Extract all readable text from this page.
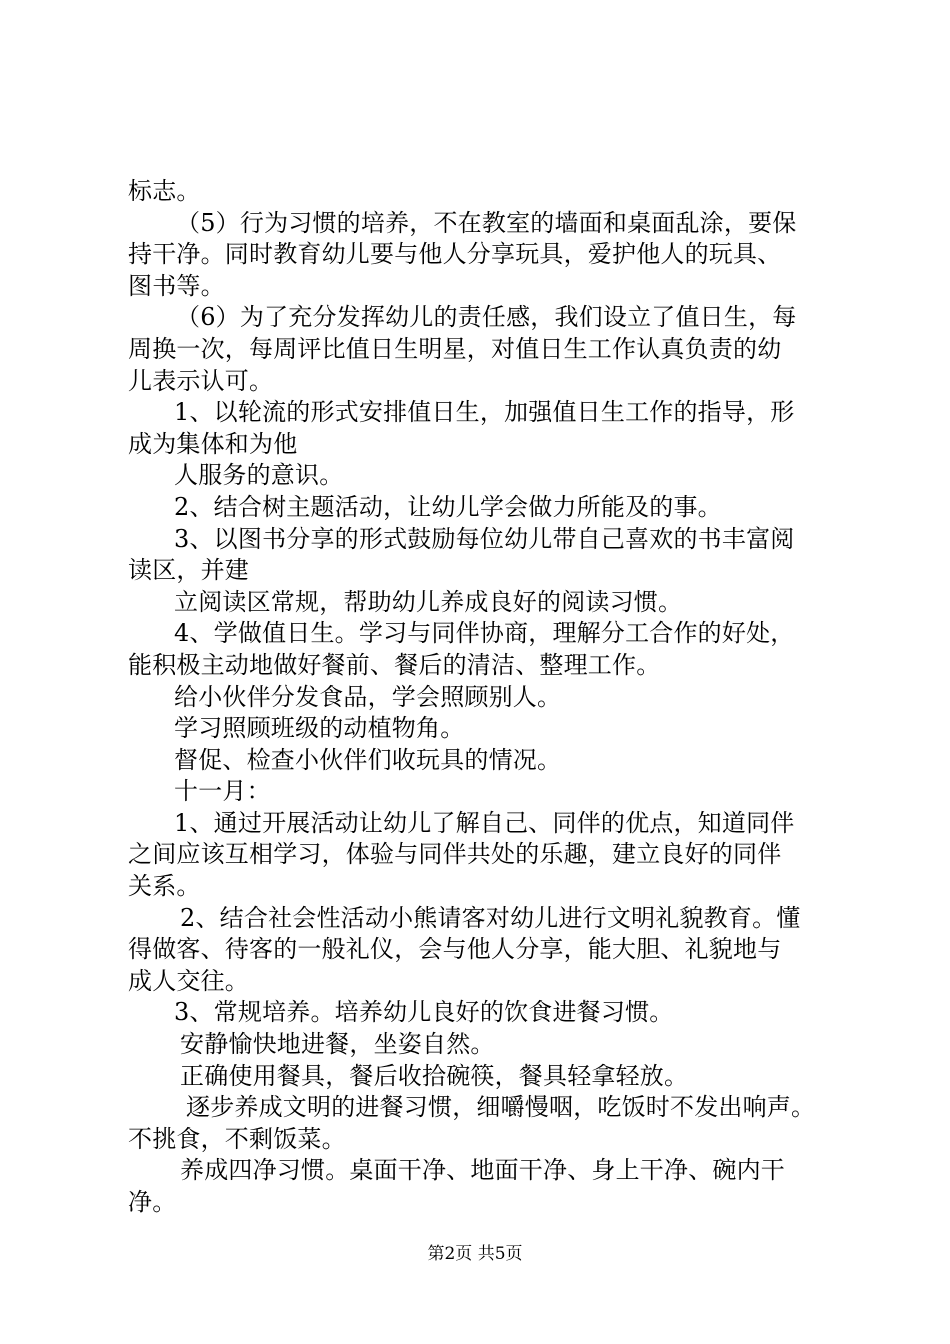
标志。
（5）行为习惯的培养，不在教室的墙面和桌面乱涂，要保
持干净。同时教育幼儿要与他人分享玩具，爱护他人的玩具、
图书等。
（6）为了充分发挥幼儿的责任感，我们设立了值日生，每
周换一次，每周评比值日生明星，对值日生工作认真负责的幼
儿表示认可。
1、以轮流的形式安排值日生，加强值日生工作的指导，形
成为集体和为他
人服务的意识。
2、结合树主题活动，让幼儿学会做力所能及的事。
3、以图书分享的形式鼓励每位幼儿带自己喜欢的书丰富阅
读区，并建
立阅读区常规，帮助幼儿养成良好的阅读习惯。
4、学做值日生。学习与同伴协商，理解分工合作的好处，
能积极主动地做好餐前、餐后的清洁、整理工作。
给小伙伴分发食品，学会照顾别人。
学习照顾班级的动植物角。
督促、检查小伙伴们收玩具的情况。
十一月：
1、通过开展活动让幼儿了解自己、同伴的优点，知道同伴
之间应该互相学习，体验与同伴共处的乐趣，建立良好的同伴
关系。
2、结合社会性活动小熊请客对幼儿进行文明礼貌教育。懂
得做客、待客的一般礼仪，会与他人分享，能大胆、礼貌地与
成人交往。
3、常规培养。培养幼儿良好的饮食进餐习惯。
安静愉快地进餐，坐姿自然。
正确使用餐具，餐后收拾碗筷，餐具轻拿轻放。
逐步养成文明的进餐习惯，细嚼慢咽，吃饭时不发出响声。
不挑食，不剩饭菜。
养成四净习惯。桌面干净、地面干净、身上干净、碗内干
净。
第2页 共5页
